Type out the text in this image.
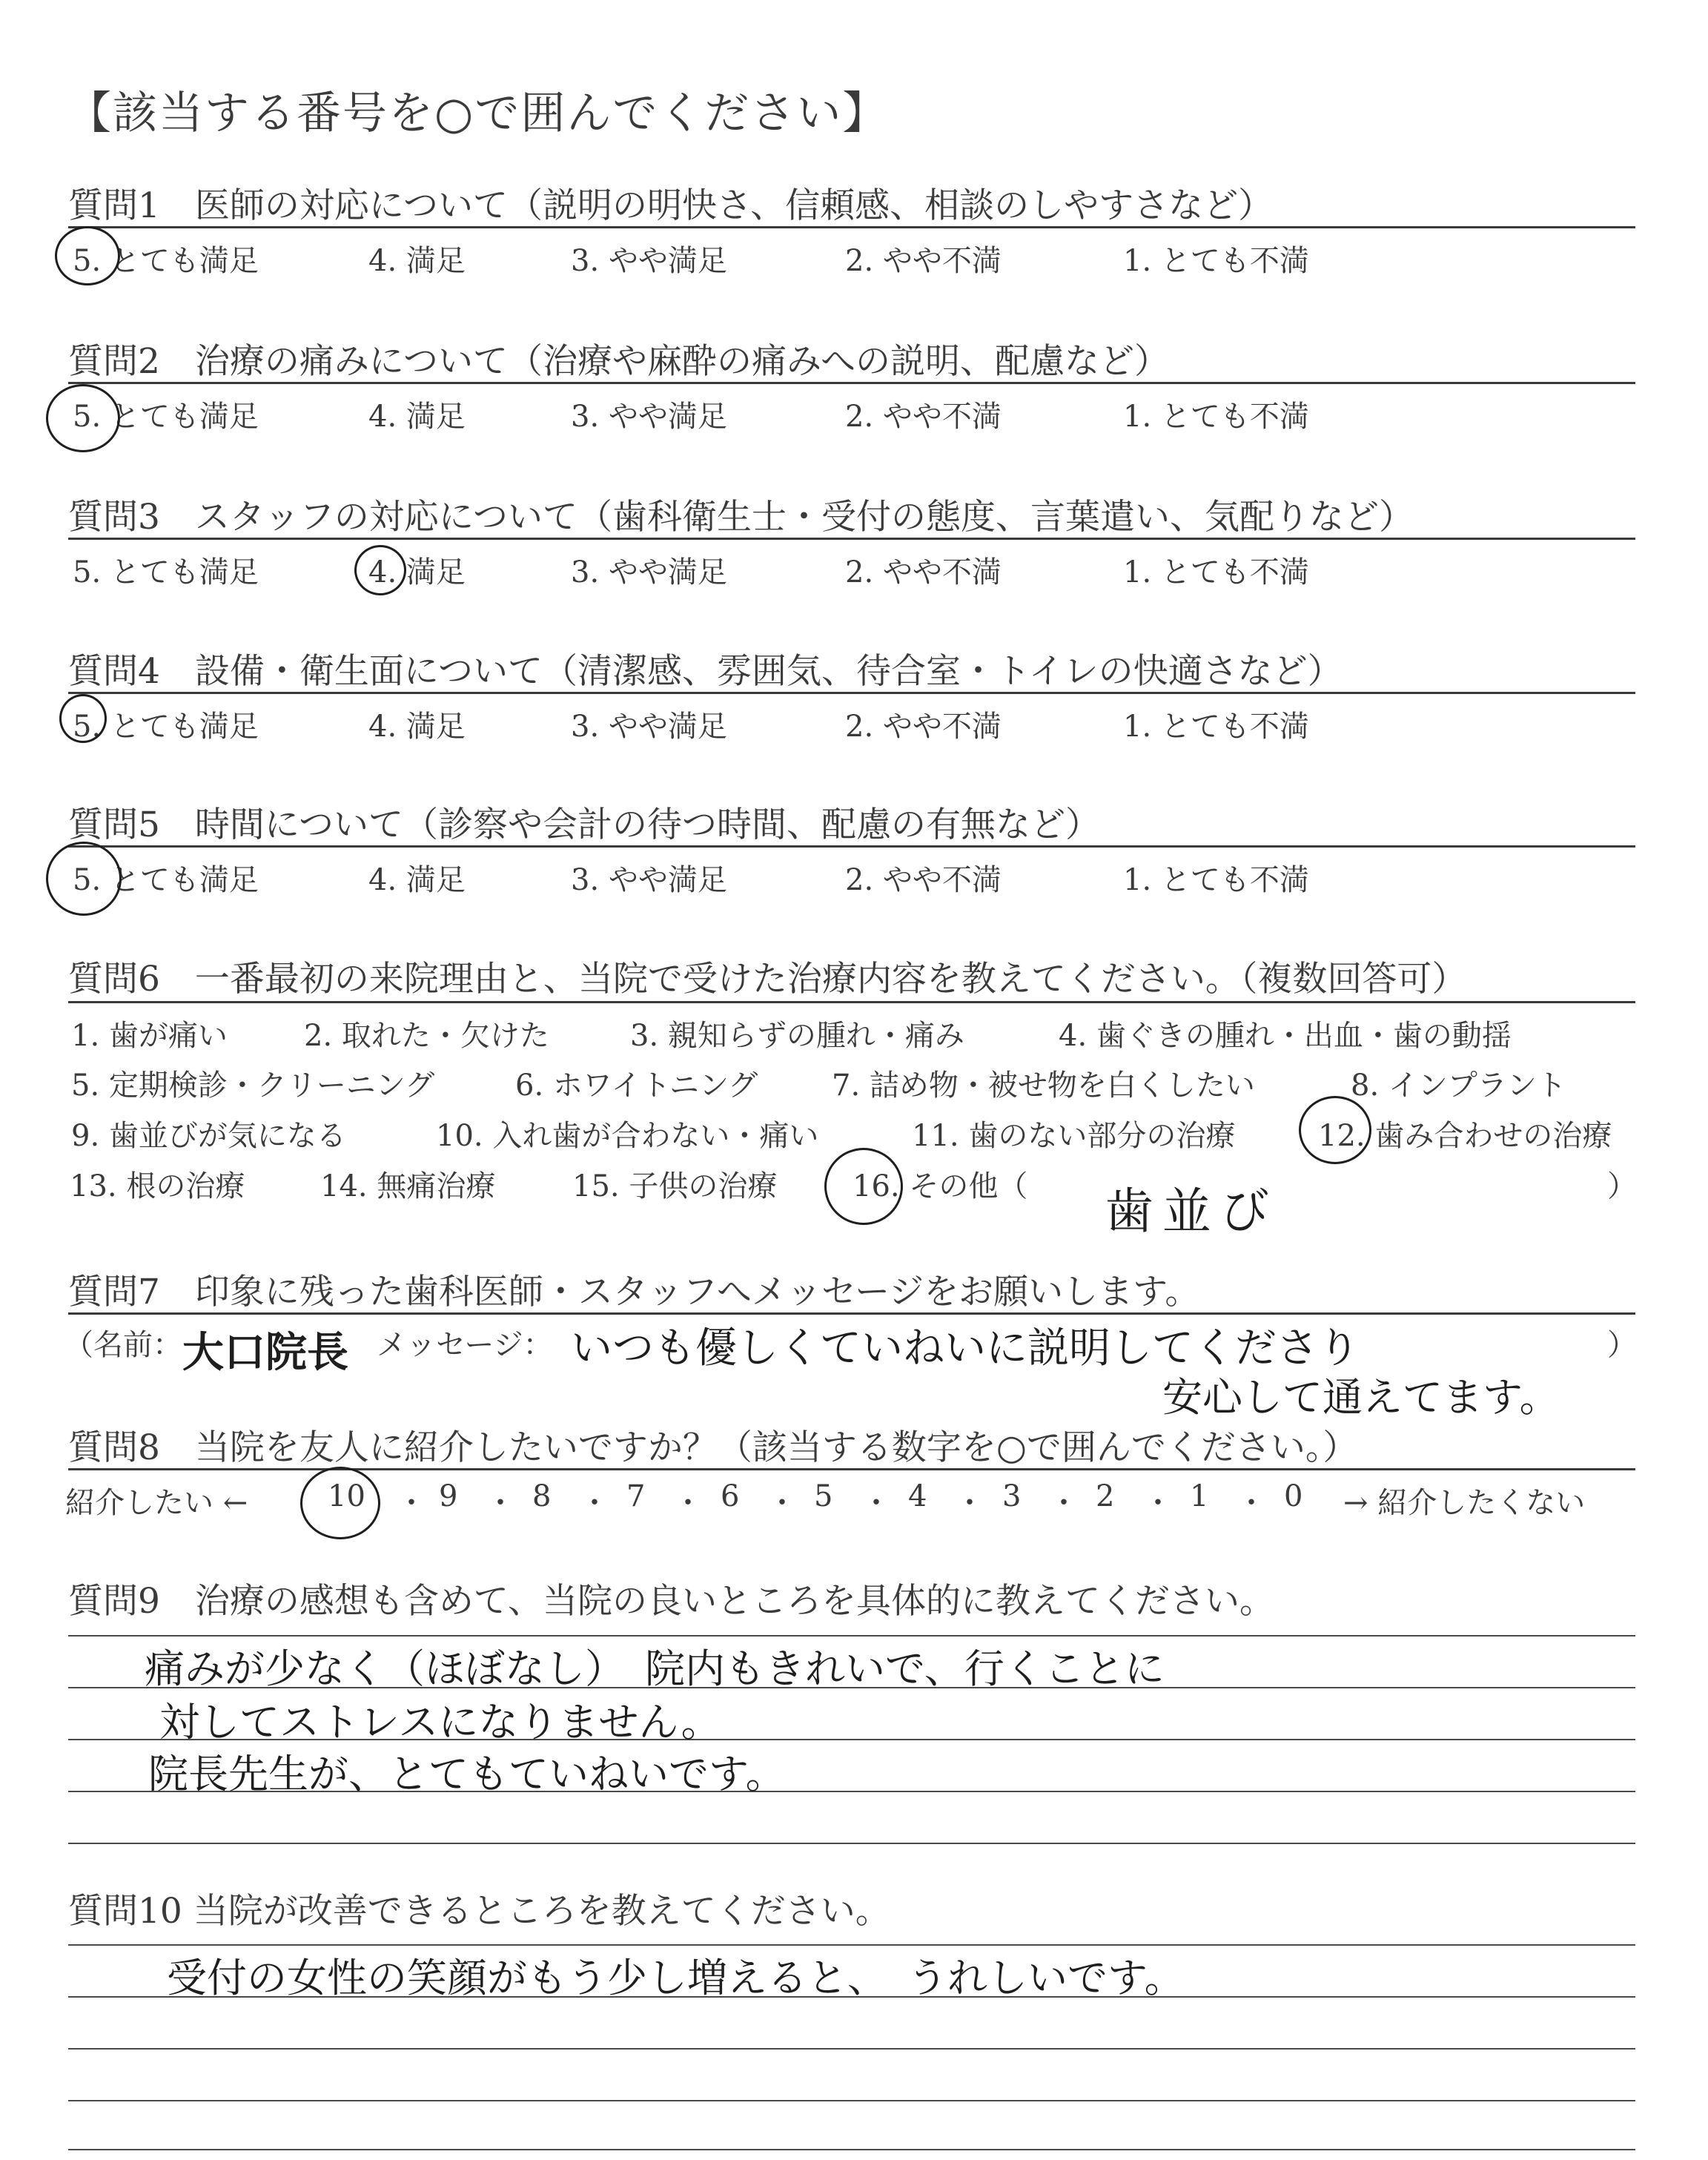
【該当する番号を○で囲んでください】
質問1　医師の対応について（説明の明快さ、信頼感、相談のしやすさなど）
5. とても満足	4. 満足	3. やや満足	2. やや不満	1. とても不満
質問2　治療の痛みについて（治療や麻酔の痛みへの説明、配慮など）
5. とても満足	4. 満足	3. やや満足	2. やや不満	1. とても不満
質問3　スタッフの対応について（歯科衛生士・受付の態度、言葉遣い、気配りなど）
5. とても満足	4. 満足	3. やや満足	2. やや不満	1. とても不満
質問4　設備・衛生面について（清潔感、雰囲気、待合室・トイレの快適さなど）
5. とても満足	4. 満足	3. やや満足	2. やや不満	1. とても不満
質問5　時間について（診察や会計の待つ時間、配慮の有無など）
5. とても満足	4. 満足	3. やや満足	2. やや不満	1. とても不満
質問6　一番最初の来院理由と、当院で受けた治療内容を教えてください。（複数回答可）
1. 歯が痛い	2. 取れた・欠けた	3. 親知らずの腫れ・痛み	4. 歯ぐきの腫れ・出血・歯の動揺
5. 定期検診・クリーニング	6. ホワイトニング 7. 詰め物・被せ物を白くしたい	8. インプラント
9. 歯並びが気になる	10. 入れ歯が合わない・痛い	11. 歯のない部分の治療	12. 歯み合わせの治療
13. 根の治療	14. 無痛治療	15. 子供の治療	16. その他（ 歯並び	）
質問7　印象に残った歯科医師・スタッフへメッセージをお願いします。
（名前： 大口院長 メッセージ： いつも優しくていねいに説明してくださり
安心して通えてます。
）
質問8　当院を友人に紹介したいですか？（該当する数字を○で囲んでください。）
紹介したい ←	10 ・ 9 ・ 8 ・ 7 ・ 6 ・ 5 ・ 4 ・ 3 ・ 2 ・ 1 ・ 0 → 紹介したくない
質問9　治療の感想も含めて、当院の良いところを具体的に教えてください。
痛みが少なく（ほぼなし）　院内もきれいで、行くことに
対してストレスになりません。
院長先生が、とてもていねいです。
質問10 当院が改善できるところを教えてください。
受付の女性の笑顔がもう少し増えると、　うれしいです。
